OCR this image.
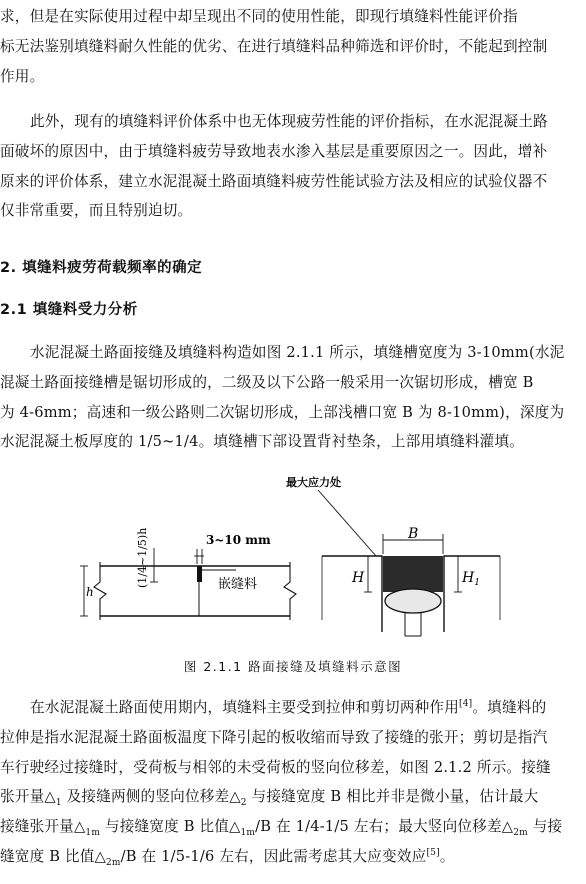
求，但是在实际使用过程中却呈现出不同的使用性能，即现行填缝料性能评价指
标无法鉴别填缝料耐久性能的优劣、在进行填缝料品种筛选和评价时，不能起到控制
作用。
此外，现有的填缝料评价体系中也无体现疲劳性能的评价指标，在水泥混凝土路
面破坏的原因中，由于填缝料疲劳导致地表水渗入基层是重要原因之一。因此，增补
原来的评价体系，建立水泥混凝土路面填缝料疲劳性能试验方法及相应的试验仪器不
仅非常重要，而且特别迫切。
2. 填缝料疲劳荷载频率的确定
2.1 填缝料受力分析
水泥混凝土路面接缝及填缝料构造如图 2.1.1 所示，填缝槽宽度为 3-10mm(水泥
混凝土路面接缝槽是锯切形成的，二级及以下公路一般采用一次锯切形成，槽宽 B
为 4-6mm；高速和一级公路则二次锯切形成，上部浅槽口宽 B 为 8-10mm)，深度为
水泥混凝土板厚度的 1/5~1/4。填缝槽下部设置背衬垫条，上部用填缝料灌填。
3~10 mm
h
(1/4~1/5)h	嵌缝料
最大应力处
B
H	$H_1$
图 2.1.1 路面接缝及填缝料示意图
在水泥混凝土路面使用期内，填缝料主要受到拉伸和剪切两种作用[4]。填缝料的
拉伸是指水泥混凝土路面板温度下降引起的板收缩而导致了接缝的张开；剪切是指汽
车行驶经过接缝时，受荷板与相邻的未受荷板的竖向位移差，如图 2.1.2 所示。接缝
张开量$\triangle_1$ 及接缝两侧的竖向位移差$\triangle_2$ 与接缝宽度 B 相比并非是微小量，估计最大
接缝张开量$\triangle_{1m}$ 与接缝宽度 B 比值$\triangle_{1m}/B$ 在 1/4-1/5 左右；最大竖向位移差$\triangle_{2m}$ 与接
缝宽度 B 比值$\triangle_{2m}/B$ 在 1/5-1/6 左右，因此需考虑其大应变效应[5]。
